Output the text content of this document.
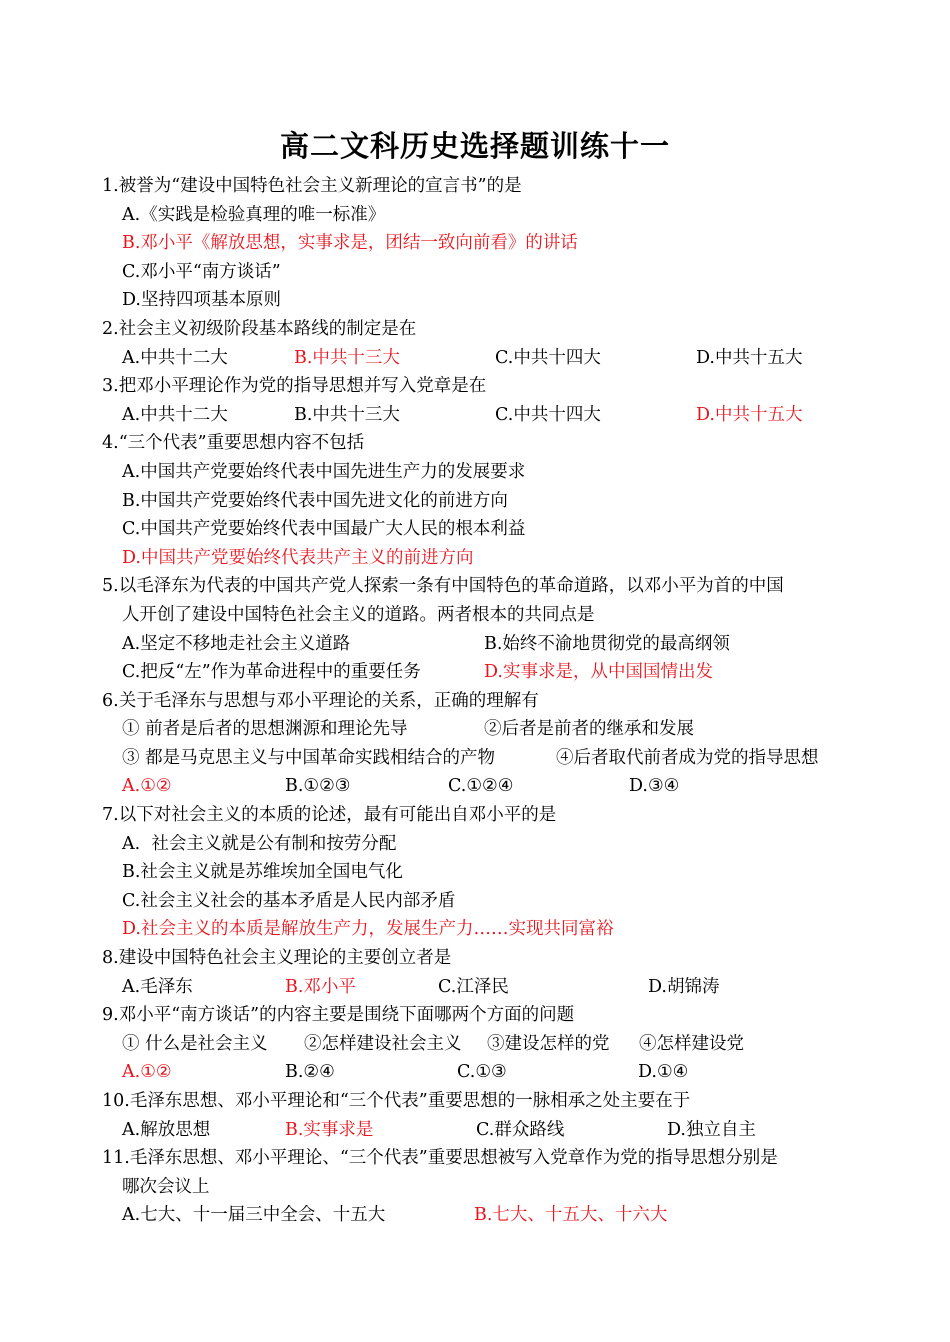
高二文科历史选择题训练十一
1.被誉为“建设中国特色社会主义新理论的宣言书”的是
A.《实践是检验真理的唯一标准》
B.邓小平《解放思想，实事求是，团结一致向前看》的讲话
C.邓小平“南方谈话”
D.坚持四项基本原则
2.社会主义初级阶段基本路线的制定是在
A.中共十二大	B.中共十三大	C.中共十四大	D.中共十五大
3.把邓小平理论作为党的指导思想并写入党章是在
A.中共十二大	B.中共十三大	C.中共十四大	D.中共十五大
4.“三个代表”重要思想内容不包括
A.中国共产党要始终代表中国先进生产力的发展要求
B.中国共产党要始终代表中国先进文化的前进方向
C.中国共产党要始终代表中国最广大人民的根本利益
D.中国共产党要始终代表共产主义的前进方向
5.以毛泽东为代表的中国共产党人探索一条有中国特色的革命道路，以邓小平为首的中国
人开创了建设中国特色社会主义的道路。两者根本的共同点是
A.坚定不移地走社会主义道路	B.始终不渝地贯彻党的最高纲领
C.把反“左”作为革命进程中的重要任务	D.实事求是，从中国国情出发
6.关于毛泽东与思想与邓小平理论的关系，正确的理解有
① 前者是后者的思想渊源和理论先导	②后者是前者的继承和发展
③ 都是马克思主义与中国革命实践相结合的产物	④后者取代前者成为党的指导思想
A.①②	B.①②③	C.①②④	D.③④
7.以下对社会主义的本质的论述，最有可能出自邓小平的是
A.  社会主义就是公有制和按劳分配
B.社会主义就是苏维埃加全国电气化
C.社会主义社会的基本矛盾是人民内部矛盾
D.社会主义的本质是解放生产力，发展生产力……实现共同富裕
8.建设中国特色社会主义理论的主要创立者是
A.毛泽东	B.邓小平	C.江泽民	D.胡锦涛
9.邓小平“南方谈话”的内容主要是围绕下面哪两个方面的问题
① 什么是社会主义	②怎样建设社会主义	③建设怎样的党	④怎样建设党
A.①②	B.②④	C.①③	D.①④
10.毛泽东思想、邓小平理论和“三个代表”重要思想的一脉相承之处主要在于
A.解放思想	B.实事求是	C.群众路线	D.独立自主
11.毛泽东思想、邓小平理论、“三个代表”重要思想被写入党章作为党的指导思想分别是
哪次会议上
A.七大、十一届三中全会、十五大	B.七大、十五大、十六大
